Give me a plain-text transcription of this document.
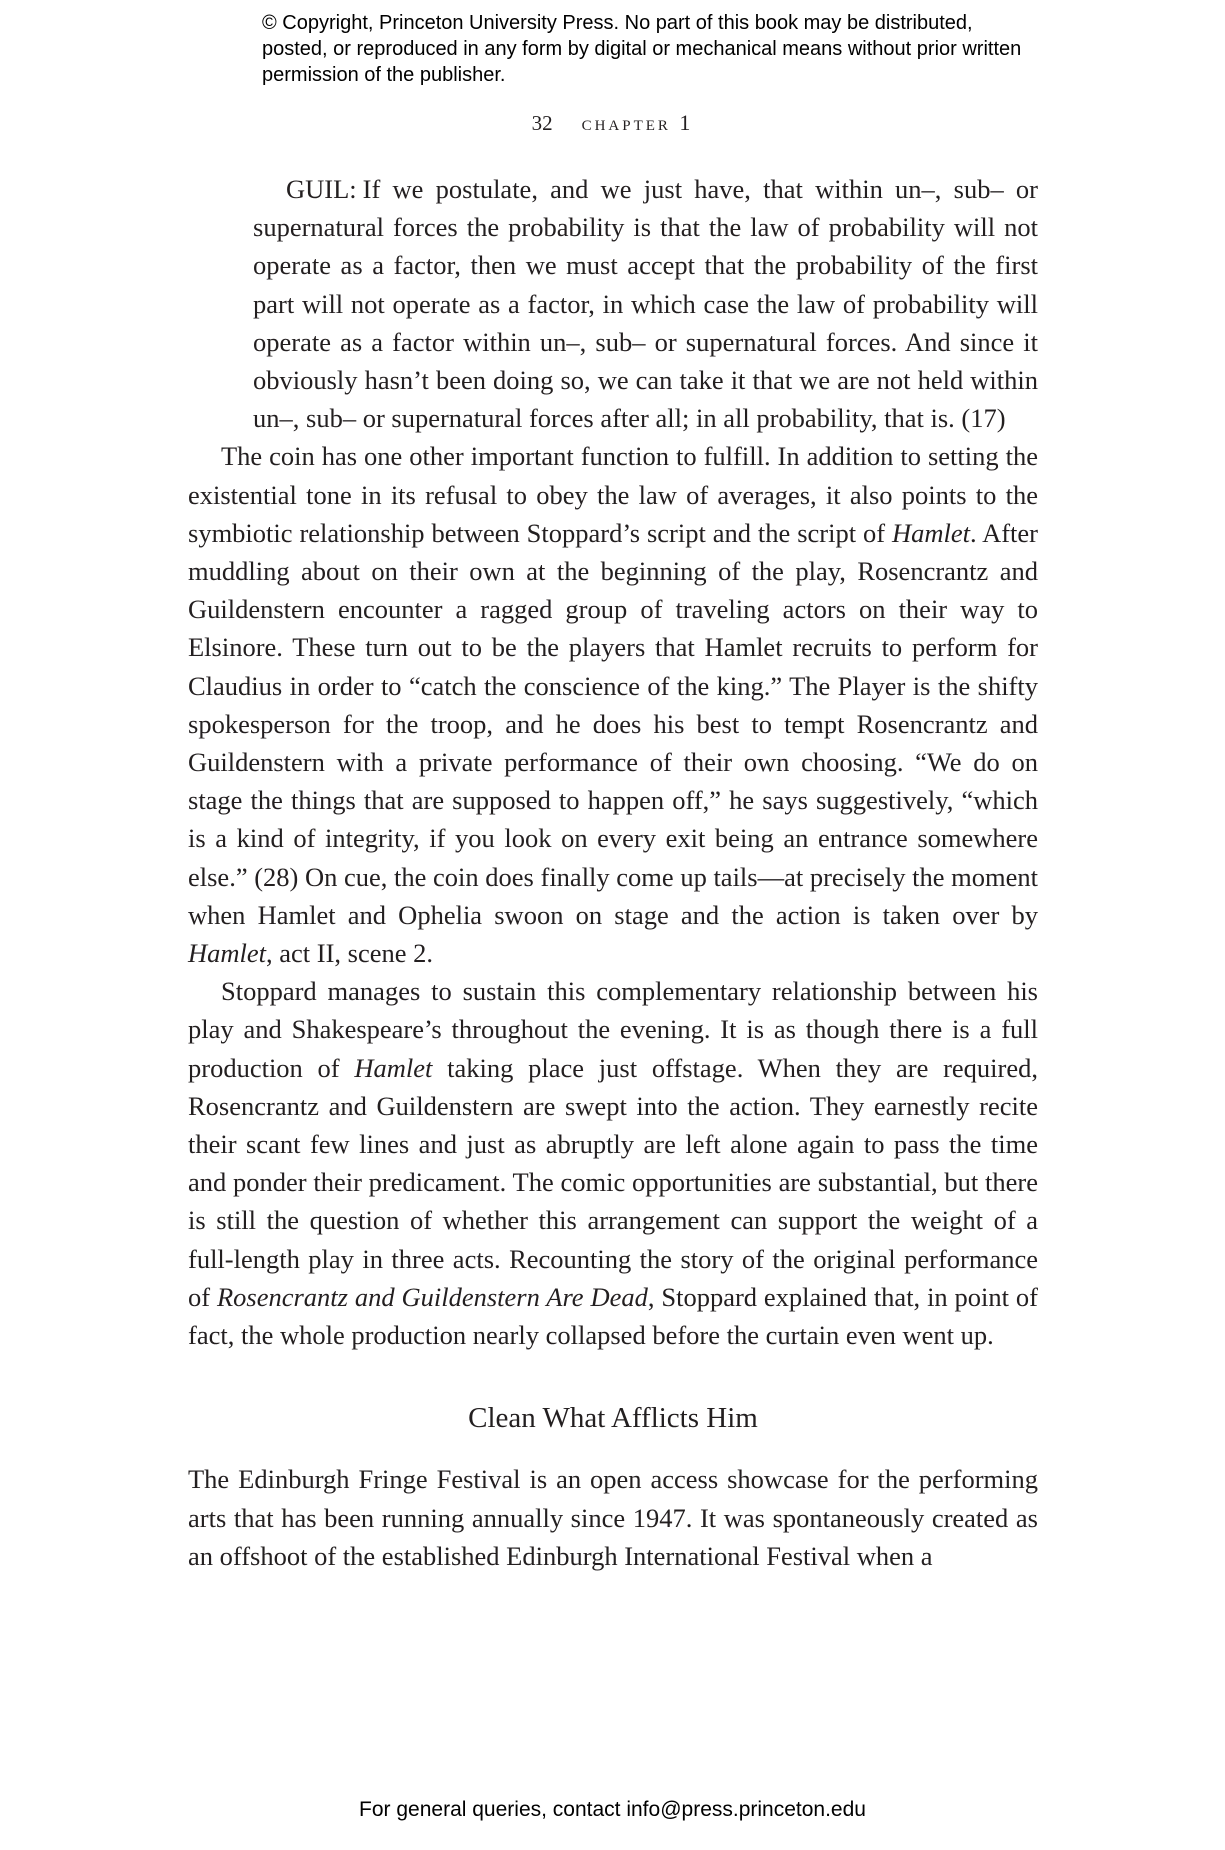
© Copyright, Princeton University Press. No part of this book may be distributed, posted, or reproduced in any form by digital or mechanical means without prior written permission of the publisher.
32 chapter 1

GUIL: If we postulate, and we just have, that within un–, sub– or supernatural forces the probability is that the law of probability will not operate as a factor, then we must accept that the probability of the first part will not operate as a factor, in which case the law of probability will operate as a factor within un–, sub– or supernatural forces. And since it obviously hasn’t been doing so, we can take it that we are not held within un–, sub– or supernatural forces after all; in all probability, that is. (17)

The coin has one other important function to fulfill. In addition to setting the existential tone in its refusal to obey the law of averages, it also points to the symbiotic relationship between Stoppard’s script and the script of Hamlet. After muddling about on their own at the beginning of the play, Rosencrantz and Guildenstern encounter a ragged group of traveling actors on their way to Elsinore. These turn out to be the players that Hamlet recruits to perform for Claudius in order to “catch the conscience of the king.” The Player is the shifty spokesperson for the troop, and he does his best to tempt Rosencrantz and Guildenstern with a private performance of their own choosing. “We do on stage the things that are supposed to happen off,” he says suggestively, “which is a kind of integrity, if you look on every exit being an entrance somewhere else.” (28) On cue, the coin does finally come up tails—at precisely the moment when Hamlet and Ophelia swoon on stage and the action is taken over by Hamlet, act II, scene 2.

Stoppard manages to sustain this complementary relationship between his play and Shakespeare’s throughout the evening. It is as though there is a full production of Hamlet taking place just offstage. When they are required, Rosencrantz and Guildenstern are swept into the action. They earnestly recite their scant few lines and just as abruptly are left alone again to pass the time and ponder their predicament. The comic opportunities are substantial, but there is still the question of whether this arrangement can support the weight of a full-length play in three acts. Recounting the story of the original performance of Rosencrantz and Guildenstern Are Dead, Stoppard explained that, in point of fact, the whole production nearly collapsed before the curtain even went up.

Clean What Afflicts Him

The Edinburgh Fringe Festival is an open access showcase for the performing arts that has been running annually since 1947. It was spontaneously created as an offshoot of the established Edinburgh International Festival when a

For general queries, contact info@press.princeton.edu
